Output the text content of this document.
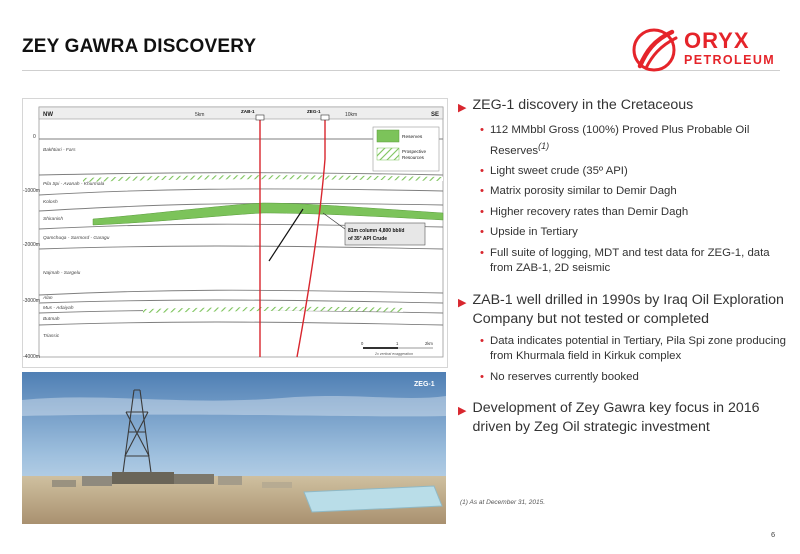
ZEY GAWRA DISCOVERY	ORYX
PETROLEUM
NW	SE
5km	10km
ZAB-1	ZEG-1
0
-1000m
-2000m
-3000m
-4000m
Bakhtiari - Fars
Pila Spi - Avanah - Khurmala
Kolosh
Shiranish
Qamchuqa - Sarmord - Garagu
Najmah - Sargelu
Alan
Mus - Adaiyah
Butmah
Triassic
Reserves
Prospective
Resources
81m column 4,800 bbl/d
of 35° API Crude
0	1	2km
2x vertical exaggeration
ZEG-1
▶ ZEG-1 discovery in the Cretaceous
• 112 MMbbl Gross (100%) Proved Plus Probable Oil Reserves$^{(1)}$
• Light sweet crude (35º API)
• Matrix porosity similar to Demir Dagh
• Higher recovery rates than Demir Dagh
• Upside in Tertiary
• Full suite of logging, MDT and test data for ZEG-1, data from ZAB-1, 2D seismic
▶ ZAB-1 well drilled in 1990s by Iraq Oil Exploration Company but not tested or completed
• Data indicates potential in Tertiary, Pila Spi zone producing from Khurmala field in Kirkuk complex
• No reserves currently booked
▶ Development of Zey Gawra key focus in 2016 driven by Zeg Oil strategic investment
(1) As at December 31, 2015.
6
